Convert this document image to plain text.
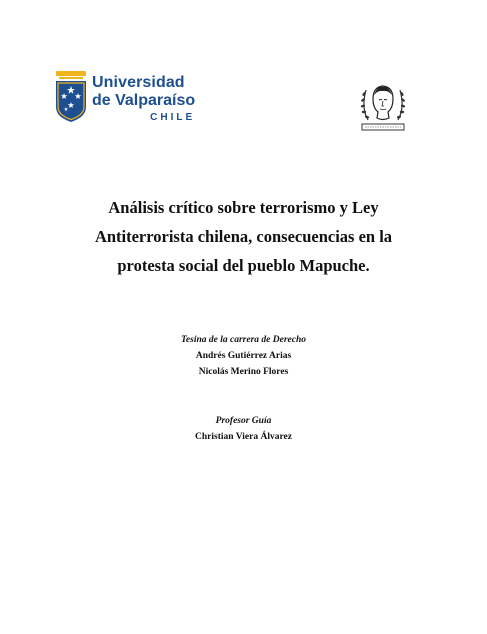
Universidad
de Valparaíso
CHILE
Análisis crítico sobre terrorismo y Ley
Antiterrorista chilena, consecuencias en la
protesta social del pueblo Mapuche.
Tesina de la carrera de Derecho
Andrés Gutiérrez Arias
Nicolás Merino Flores
Profesor Guía
Christian Viera Álvarez
